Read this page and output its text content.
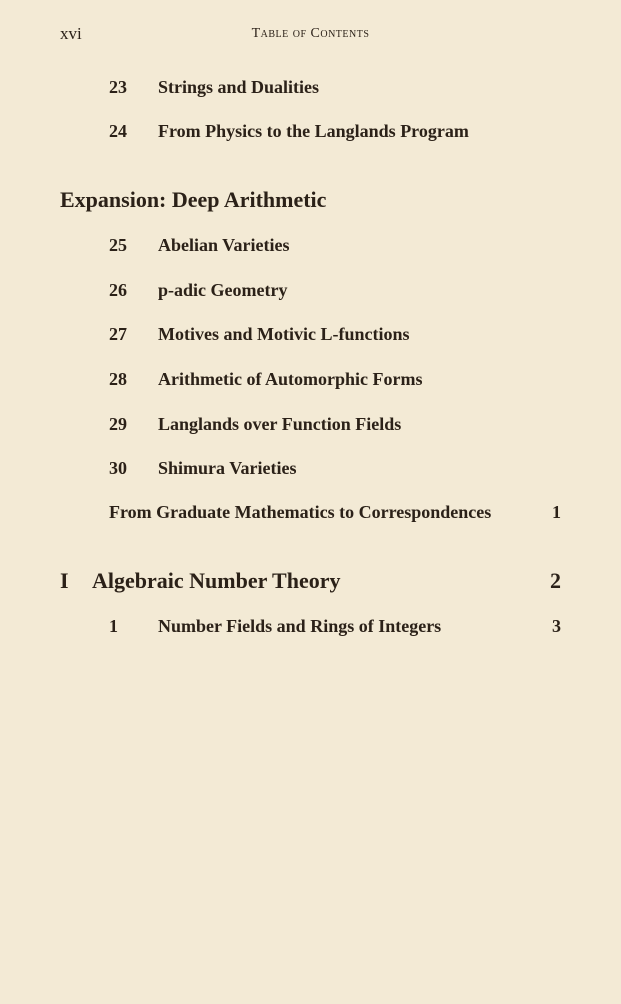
xvi	Table of Contents
23 Strings and Dualities
24 From Physics to the Langlands Program
Expansion: Deep Arithmetic
25 Abelian Varieties
26 p-adic Geometry
27 Motives and Motivic L-functions
28 Arithmetic of Automorphic Forms
29 Langlands over Function Fields
30 Shimura Varieties
From Graduate Mathematics to Correspondences	1
I Algebraic Number Theory	2
1 Number Fields and Rings of Integers	3
